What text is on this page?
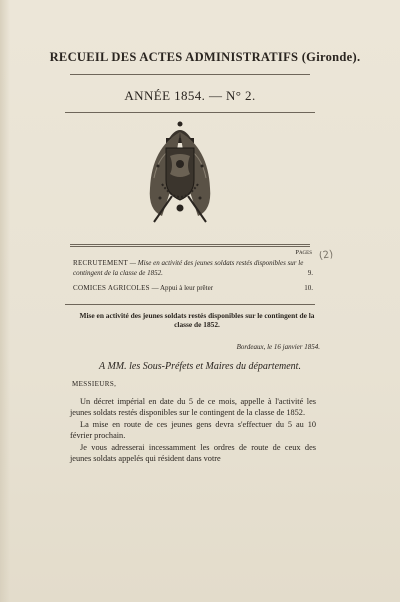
RECUEIL DES ACTES ADMINISTRATIFS (Gironde).
ANNÉE 1854. — N° 2.
Pages (2)
RECRUTEMENT — Mise en activité des jeunes soldats restés disponibles sur le contingent de la classe de 1852.	9.
COMICES AGRICOLES — Appui à leur prêter	10.
Mise en activité des jeunes soldats restés disponibles sur le contingent de la classe de 1852.
Bordeaux, le 16 janvier 1854.
A MM. les Sous-Préfets et Maires du département.
MESSIEURS,

Un décret impérial en date du 5 de ce mois, appelle à l'activité les jeunes soldats restés disponibles sur le contingent de la classe de 1852.

La mise en route de ces jeunes gens devra s'effectuer du 5 au 10 février prochain.

Je vous adresserai incessamment les ordres de route de ceux des jeunes soldats appelés qui résident dans votre
